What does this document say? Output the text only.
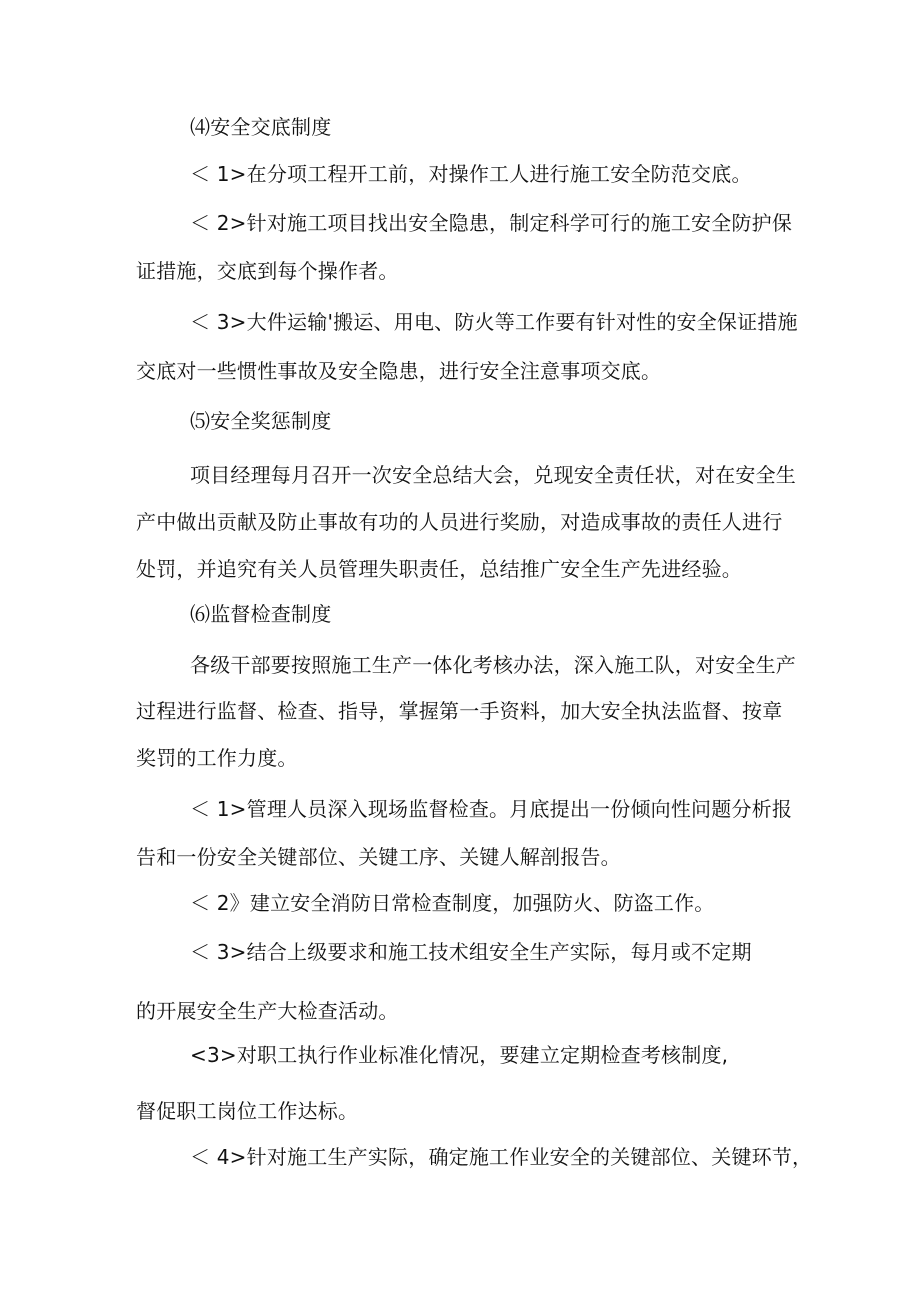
⑷安全交底制度
＜ 1>在分项工程开工前，对操作工人进行施工安全防范交底。
＜ 2>针对施工项目找出安全隐患，制定科学可行的施工安全防护保
证措施，交底到每个操作者。
＜ 3>大件运输'搬运、用电、防火等工作要有针对性的安全保证措施
交底对一些惯性事故及安全隐患，进行安全注意事项交底。
⑸安全奖惩制度
项目经理每月召开一次安全总结大会，兑现安全责任状，对在安全生
产中做出贡献及防止事故有功的人员进行奖励，对造成事故的责任人进行
处罚，并追究有关人员管理失职责任，总结推广安全生产先进经验。
⑹监督检查制度
各级干部要按照施工生产一体化考核办法，深入施工队，对安全生产
过程进行监督、检查、指导，掌握第一手资料，加大安全执法监督、按章
奖罚的工作力度。
＜ 1>管理人员深入现场监督检查。月底提出一份倾向性问题分析报
告和一份安全关键部位、关键工序、关键人解剖报告。
＜ 2》建立安全消防日常检查制度，加强防火、防盗工作。
＜ 3>结合上级要求和施工技术组安全生产实际，每月或不定期
的开展安全生产大检查活动。
<3>对职工执行作业标准化情况，要建立定期检查考核制度,
督促职工岗位工作达标。
＜ 4>针对施工生产实际，确定施工作业安全的关键部位、关键环节，
